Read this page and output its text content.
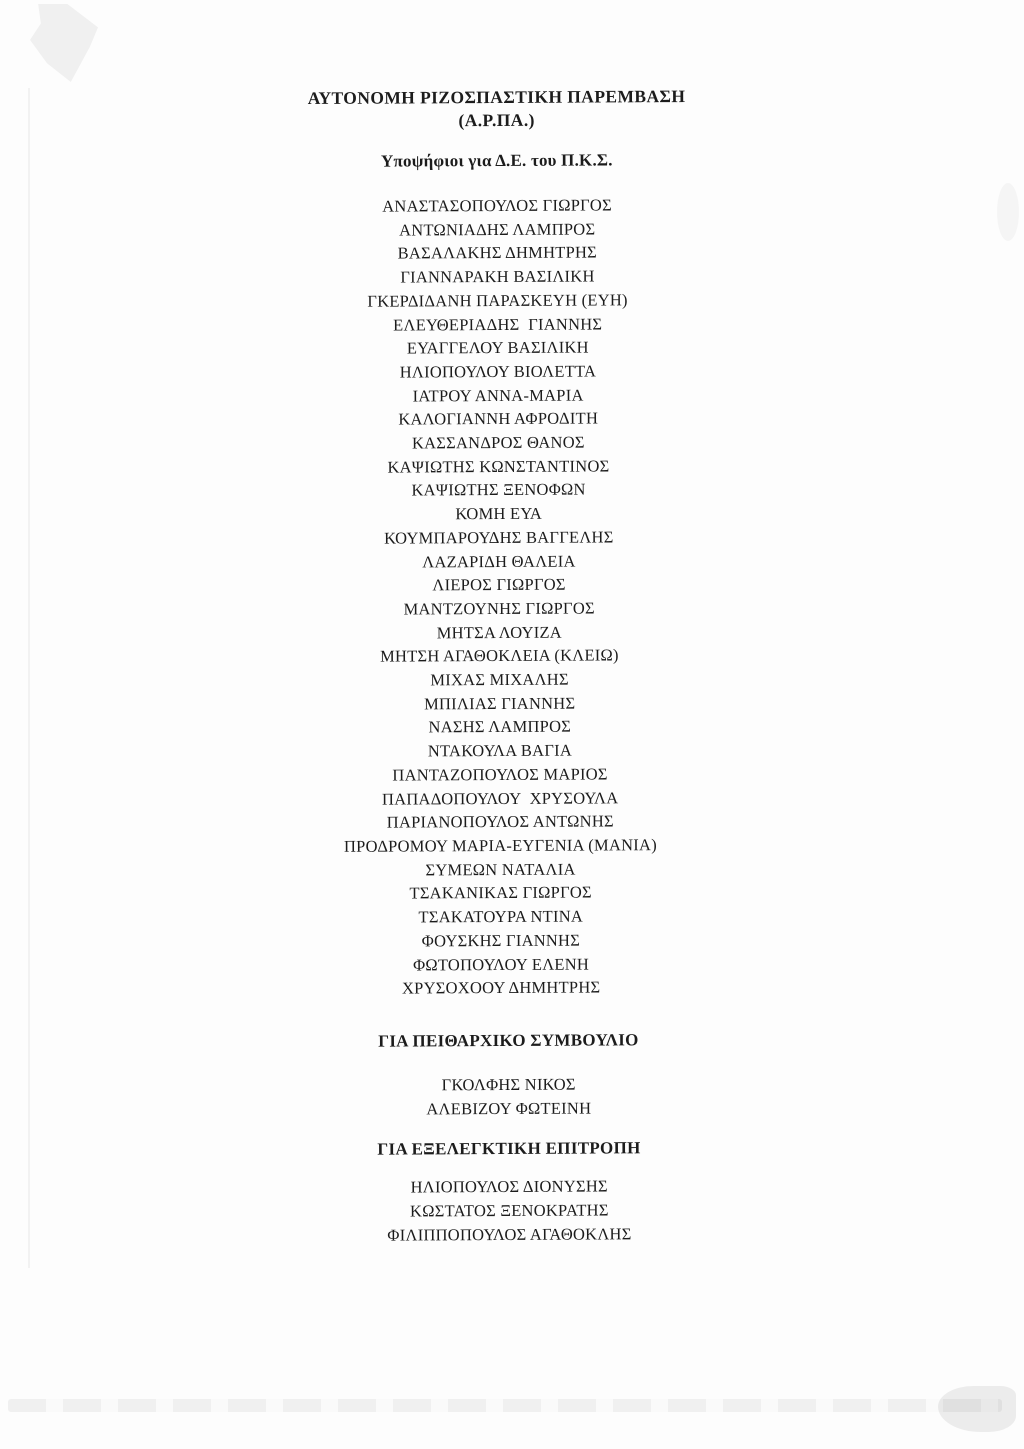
ΑΥΤΟΝΟΜΗ ΡΙΖΟΣΠΑΣΤΙΚΗ ΠΑΡΕΜΒΑΣΗ
(Α.Ρ.ΠΑ.)
Υποψήφιοι για Δ.Ε. του Π.Κ.Σ.
ΑΝΑΣΤΑΣΟΠΟΥΛΟΣ ΓΙΩΡΓΟΣ
ΑΝΤΩΝΙΑΔΗΣ ΛΑΜΠΡΟΣ
ΒΑΣΑΛΑΚΗΣ ΔΗΜΗΤΡΗΣ
ΓΙΑΝΝΑΡΑΚΗ ΒΑΣΙΛΙΚΗ
ΓΚΕΡΔΙΔΑΝΗ ΠΑΡΑΣΚΕΥΗ (ΕΥΗ)
ΕΛΕΥΘΕΡΙΑΔΗΣ  ΓΙΑΝΝΗΣ
ΕΥΑΓΓΕΛΟΥ ΒΑΣΙΛΙΚΗ
ΗΛΙΟΠΟΥΛΟΥ ΒΙΟΛΕΤΤΑ
ΙΑΤΡΟΥ ΑΝΝΑ-ΜΑΡΙΑ
ΚΑΛΟΓΙΑΝΝΗ ΑΦΡΟΔΙΤΗ
ΚΑΣΣΑΝΔΡΟΣ ΘΑΝΟΣ
ΚΑΨΙΩΤΗΣ ΚΩΝΣΤΑΝΤΙΝΟΣ
ΚΑΨΙΩΤΗΣ ΞΕΝΟΦΩΝ
ΚΟΜΗ ΕΥΑ
ΚΟΥΜΠΑΡΟΥΔΗΣ ΒΑΓΓΕΛΗΣ
ΛΑΖΑΡΙΔΗ ΘΑΛΕΙΑ
ΛΙΕΡΟΣ ΓΙΩΡΓΟΣ
ΜΑΝΤΖΟΥΝΗΣ ΓΙΩΡΓΟΣ
ΜΗΤΣΑ ΛΟΥΙΖΑ
ΜΗΤΣΗ ΑΓΑΘΟΚΛΕΙΑ (ΚΛΕΙΩ)
ΜΙΧΑΣ ΜΙΧΑΛΗΣ
ΜΠΙΛΙΑΣ ΓΙΑΝΝΗΣ
ΝΑΣΗΣ ΛΑΜΠΡΟΣ
ΝΤΑΚΟΥΛΑ ΒΑΓΙΑ
ΠΑΝΤΑΖΟΠΟΥΛΟΣ ΜΑΡΙΟΣ
ΠΑΠΑΔΟΠΟΥΛΟΥ  ΧΡΥΣΟΥΛΑ
ΠΑΡΙΑΝΟΠΟΥΛΟΣ ΑΝΤΩΝΗΣ
ΠΡΟΔΡΟΜΟΥ ΜΑΡΙΑ-ΕΥΓΕΝΙΑ (ΜΑΝΙΑ)
ΣΥΜΕΩΝ ΝΑΤΑΛΙΑ
ΤΣΑΚΑΝΙΚΑΣ ΓΙΩΡΓΟΣ
ΤΣΑΚΑΤΟΥΡΑ ΝΤΙΝΑ
ΦΟΥΣΚΗΣ ΓΙΑΝΝΗΣ
ΦΩΤΟΠΟΥΛΟΥ ΕΛΕΝΗ
ΧΡΥΣΟΧΟΟΥ ΔΗΜΗΤΡΗΣ
ΓΙΑ ΠΕΙΘΑΡΧΙΚΟ ΣΥΜΒΟΥΛΙΟ
ΓΚΟΛΦΗΣ ΝΙΚΟΣ
ΑΛΕΒΙΖΟΥ ΦΩΤΕΙΝΗ
ΓΙΑ ΕΞΕΛΕΓΚΤΙΚΗ ΕΠΙΤΡΟΠΗ
ΗΛΙΟΠΟΥΛΟΣ ΔΙΟΝΥΣΗΣ
ΚΩΣΤΑΤΟΣ ΞΕΝΟΚΡΑΤΗΣ
ΦΙΛΙΠΠΟΠΟΥΛΟΣ ΑΓΑΘΟΚΛΗΣ
